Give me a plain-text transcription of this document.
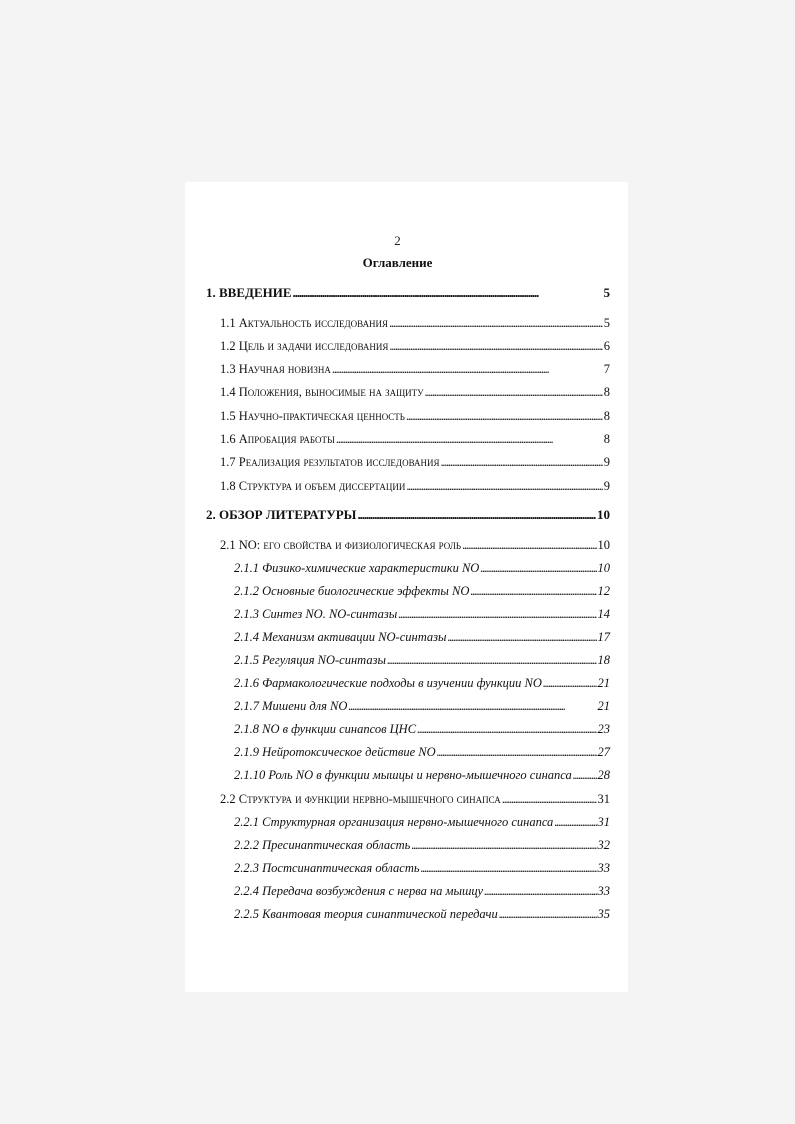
2
Оглавление
1. ВВЕДЕНИЕ . . .	5
1.1 Актуальность исследования . . .	5
1.2 Цель и задачи исследования . . .	6
1.3 Научная новизна . . .	7
1.4 Положения, выносимые на защиту . . .	8
1.5 Научно-практическая ценность . . .	8
1.6 Апробация работы . . .	8
1.7 Реализация результатов исследования . . .	9
1.8 Структура и объем диссертации . . .	9
2. ОБЗОР ЛИТЕРАТУРЫ . . .	10
2.1 NO: его свойства и физиологическая роль . . .	10
2.1.1 Физико-химические характеристики NO . . .	10
2.1.2 Основные биологические эффекты NO . . .	12
2.1.3 Синтез NO. NO-синтазы . . .	14
2.1.4 Механизм активации NO-синтазы . . .	17
2.1.5 Регуляция NO-синтазы . . .	18
2.1.6 Фармакологические подходы в изучении функции NO . . .	21
2.1.7 Мишени для NO . . .	21
2.1.8 NO в функции синапсов ЦНС . . .	23
2.1.9 Нейротоксическое действие NO . . .	27
2.1.10 Роль NO в функции мышцы и нервно-мышечного синапса . . . 28
2.2 Структура и функции нервно-мышечного синапса . . .	31
2.2.1 Структурная организация нервно-мышечного синапса . . .	31
2.2.2 Пресинаптическая область . . .	32
2.2.3 Постсинаптическая область . . .	33
2.2.4 Передача возбуждения с нерва на мышцу . . .	33
2.2.5 Квантовая теория синаптической передачи . . .	35
